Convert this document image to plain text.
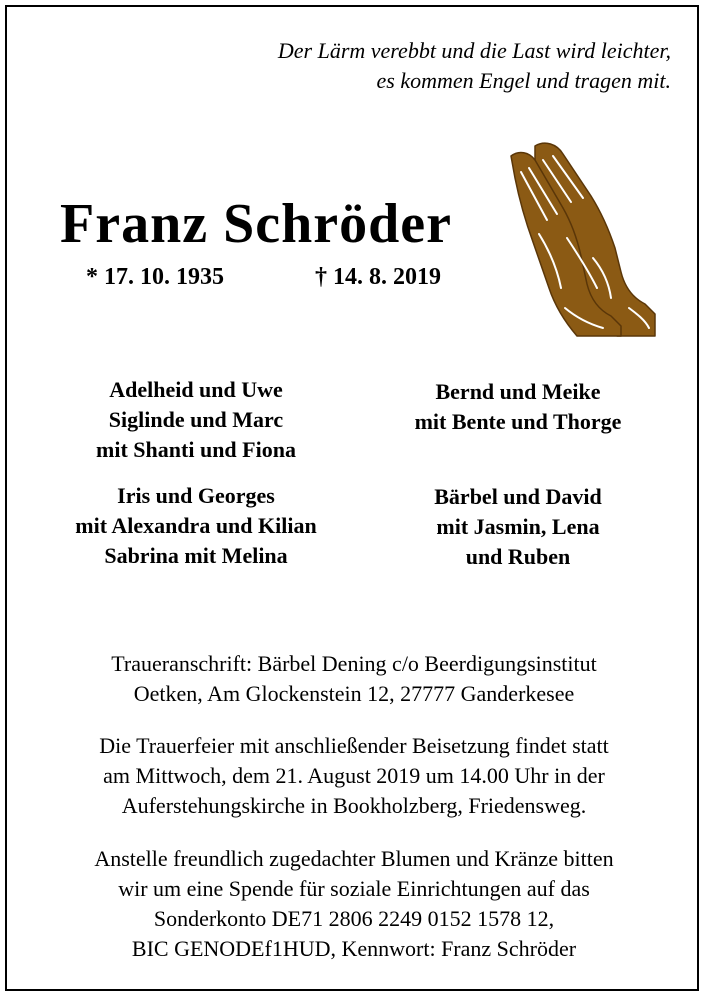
Der Lärm verebbt und die Last wird leichter,
es kommen Engel und tragen mit.
Franz Schröder
* 17. 10. 1935	† 14. 8. 2019
Adelheid und Uwe
Siglinde und Marc
mit Shanti und Fiona
Iris und Georges
mit Alexandra und Kilian
Sabrina mit Melina
Bernd und Meike
mit Bente und Thorge
Bärbel und David
mit Jasmin, Lena
und Ruben
Traueranschrift: Bärbel Dening c/o Beerdigungsinstitut
Oetken, Am Glockenstein 12, 27777 Ganderkesee
Die Trauerfeier mit anschließender Beisetzung findet statt
am Mittwoch, dem 21. August 2019 um 14.00 Uhr in der
Auferstehungskirche in Bookholzberg, Friedensweg.
Anstelle freundlich zugedachter Blumen und Kränze bitten
wir um eine Spende für soziale Einrichtungen auf das
Sonderkonto DE71 2806 2249 0152 1578 12,
BIC GENODEf1HUD, Kennwort: Franz Schröder
